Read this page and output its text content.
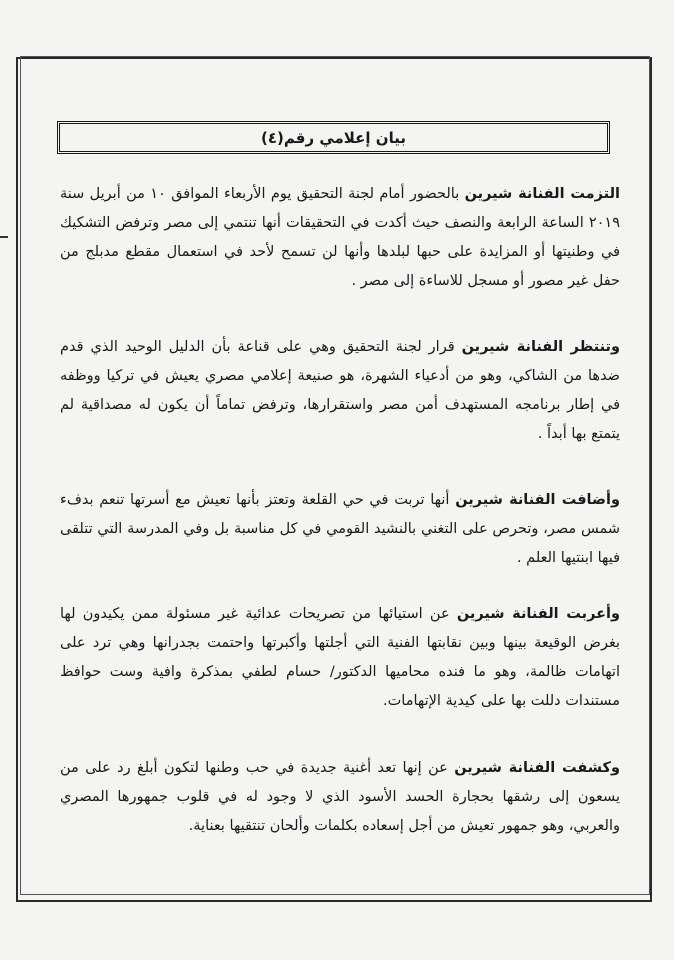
بيان إعلامي رقم(٤)
التزمت الفنانة شيرين بالحضور أمام لجنة التحقيق يوم الأربعاء الموافق ١٠ من أبريل سنة ٢٠١٩ الساعة الرابعة والنصف حيث أكدت في التحقيقات أنها تنتمي إلى مصر وترفض التشكيك في وطنيتها أو المزايدة على حبها لبلدها وأنها لن تسمح لأحد في استعمال مقطع مدبلج من حفل غير مصور أو مسجل للاساءة إلى مصر .
وتنتظر الفنانة شيرين قرار لجنة التحقيق وهي على قناعة بأن الدليل الوحيد الذي قدم ضدها من الشاكي، وهو من أدعياء الشهرة، هو صنيعة إعلامي مصري يعيش في تركيا ووظفه في إطار برنامجه المستهدف أمن مصر واستقرارها، وترفض تماماً أن يكون له مصداقية لم يتمتع بها أبداً .
وأضافت الفنانة شيرين أنها تربت في حي القلعة وتعتز بأنها تعيش مع أسرتها تنعم بدفء شمس مصر، وتحرص على التغني بالنشيد القومي في كل مناسبة بل وفي المدرسة التي تتلقى فيها ابنتيها العلم .
وأعربت الفنانة شيرين عن استيائها من تصريحات عدائية غير مسئولة ممن يكيدون لها بغرض الوقيعة بينها وبين نقابتها الفنية التي أجلتها وأكبرتها واحتمت بجدرانها وهي ترد على اتهامات ظالمة، وهو ما فنده محاميها الدكتور/ حسام لطفي بمذكرة وافية وست حوافظ مستندات دللت بها على كيدية الإتهامات.
وكشفت الفنانة شيرين عن إنها تعد أغنية جديدة في حب وطنها لتكون أبلغ رد على من يسعون إلى رشقها بحجارة الحسد الأسود الذي لا وجود له في قلوب جمهورها المصري والعربي، وهو جمهور تعيش من أجل إسعاده بكلمات وألحان تنتقيها بعناية.
